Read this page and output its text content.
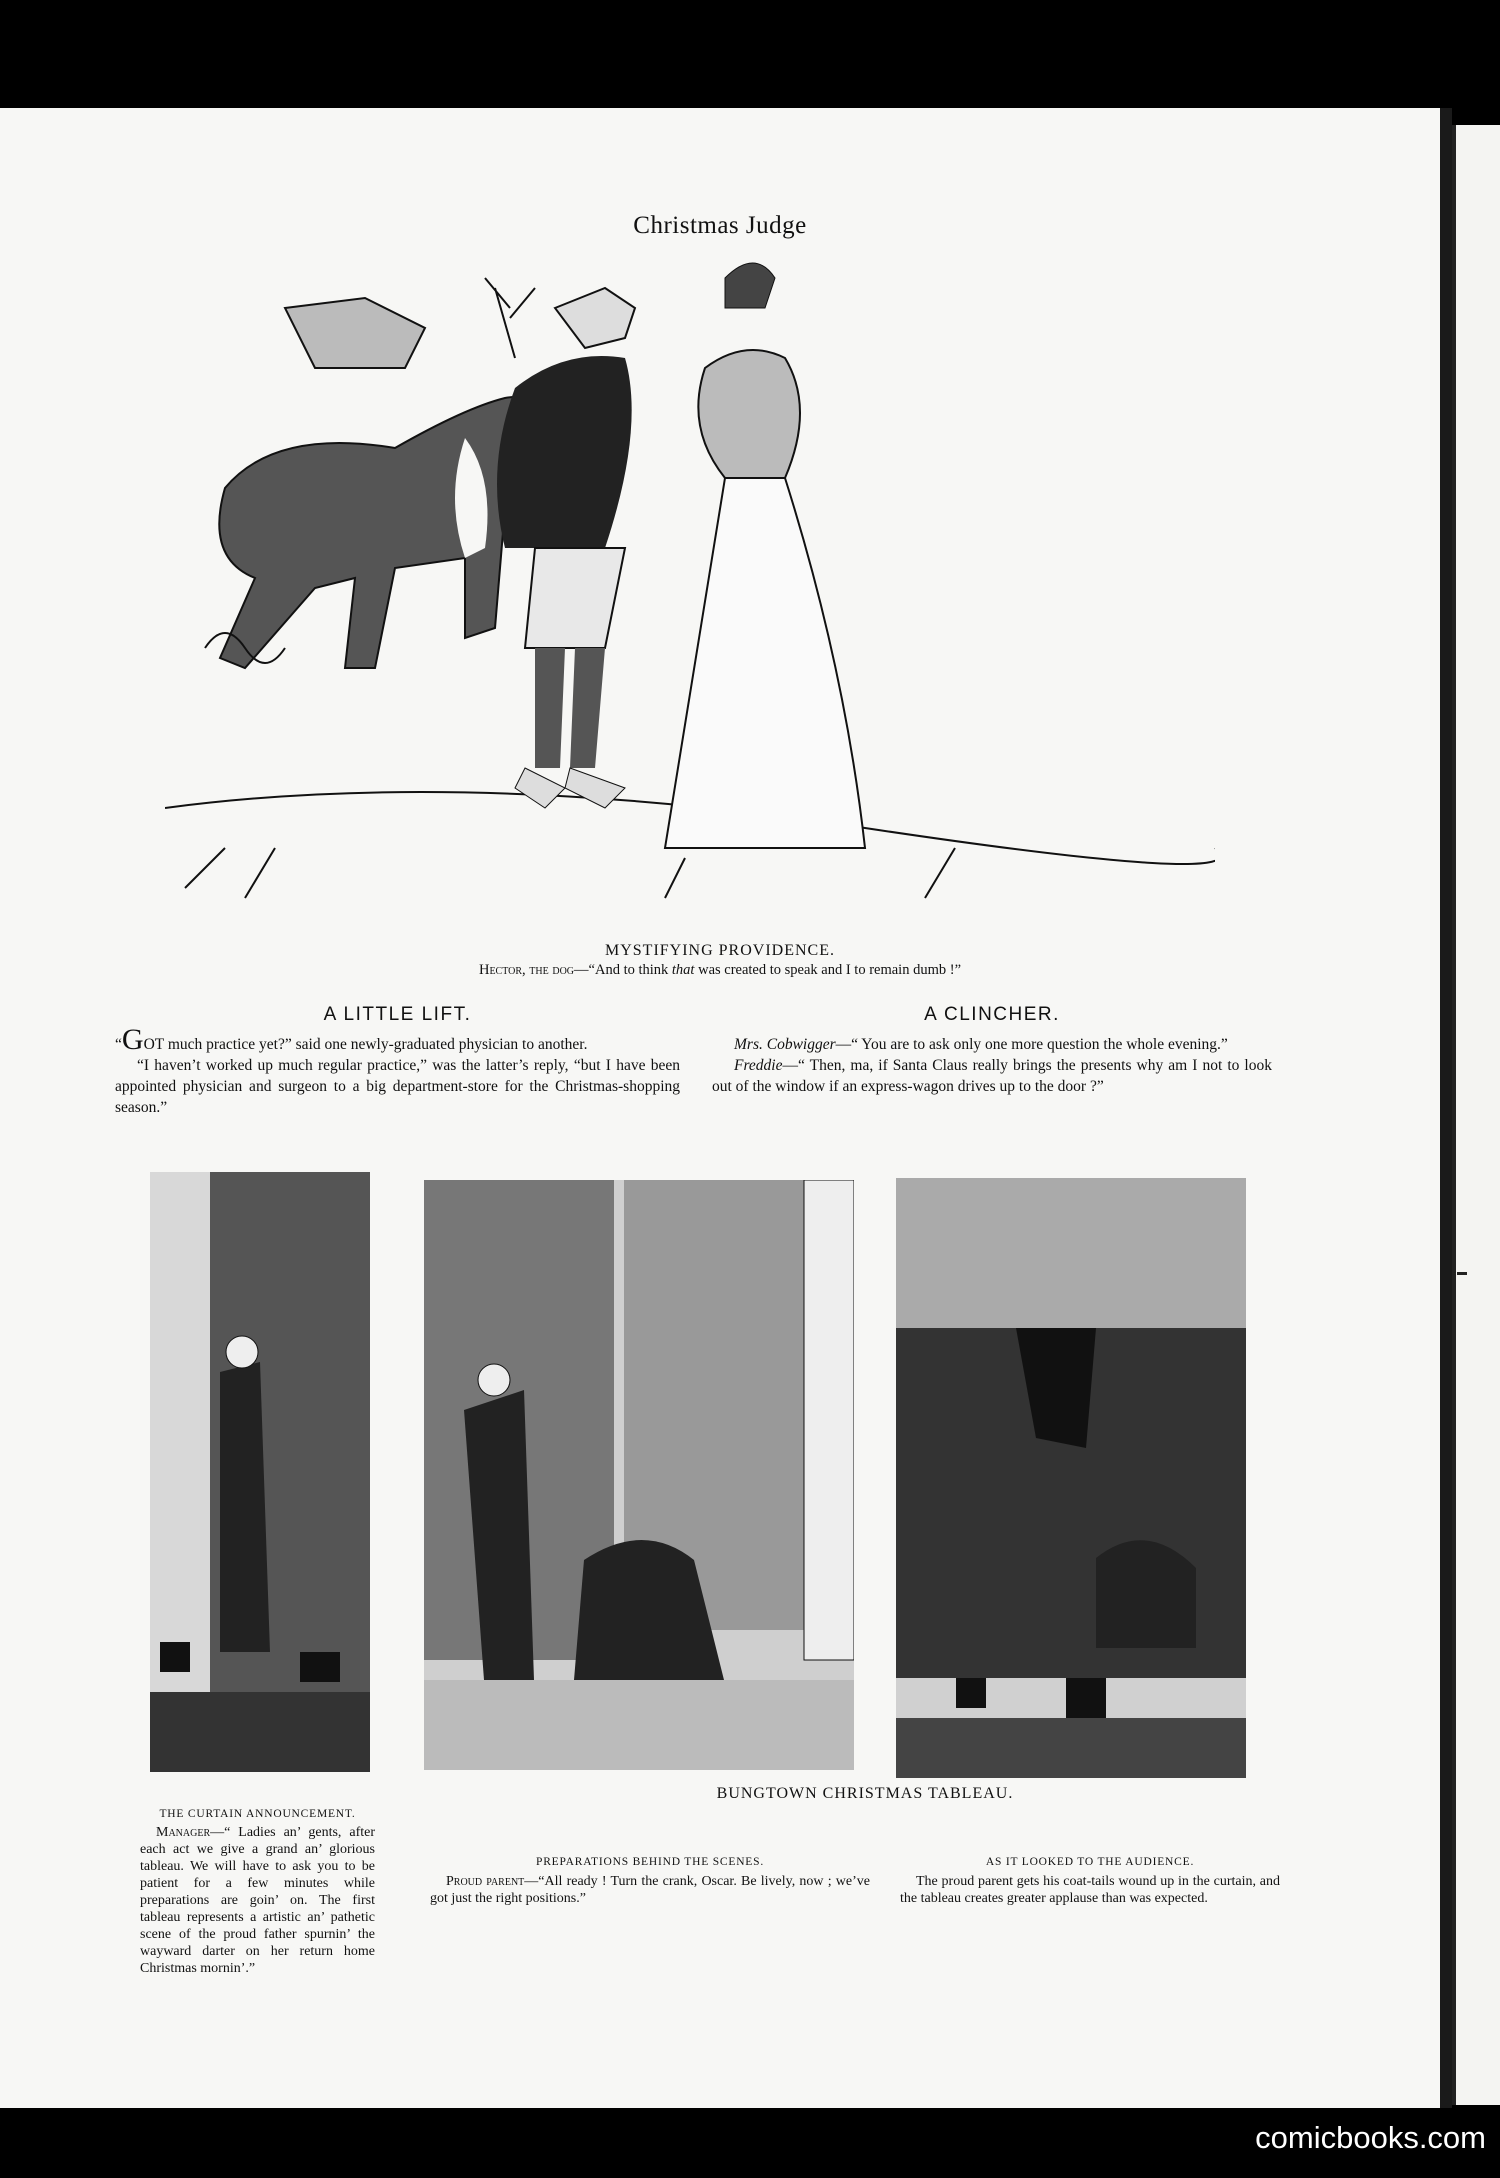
Christmas Judge
MYSTIFYING PROVIDENCE.
Hector, the dog—“And to think that was created to speak and I to remain dumb !”
A LITTLE LIFT.

“GOT much practice yet?” said one newly-graduated physician to another.

“I haven’t worked up much regular practice,” was the latter’s reply, “but I have been appointed physician and surgeon to a big department-store for the Christmas-shopping season.”

A CLINCHER.

Mrs. Cobwigger—“ You are to ask only one more question the whole evening.”

Freddie—“ Then, ma, if Santa Claus really brings the presents why am I not to look out of the window if an express-wagon drives up to the door ?”

BUNGTOWN CHRISTMAS TABLEAU.
THE CURTAIN ANNOUNCEMENT.

Manager—“ Ladies an’ gents, after each act we give a grand an’ glorious tableau. We will have to ask you to be patient for a few minutes while preparations are goin’ on. The first tableau represents a artistic an’ pathetic scene of the proud father spurnin’ the wayward darter on her return home Christmas mornin’.”

PREPARATIONS BEHIND THE SCENES.

Proud parent—“All ready ! Turn the crank, Oscar. Be lively, now ; we’ve got just the right positions.”

AS IT LOOKED TO THE AUDIENCE.

The proud parent gets his coat-tails wound up in the curtain, and the tableau creates greater applause than was expected.

comicbooks.com
